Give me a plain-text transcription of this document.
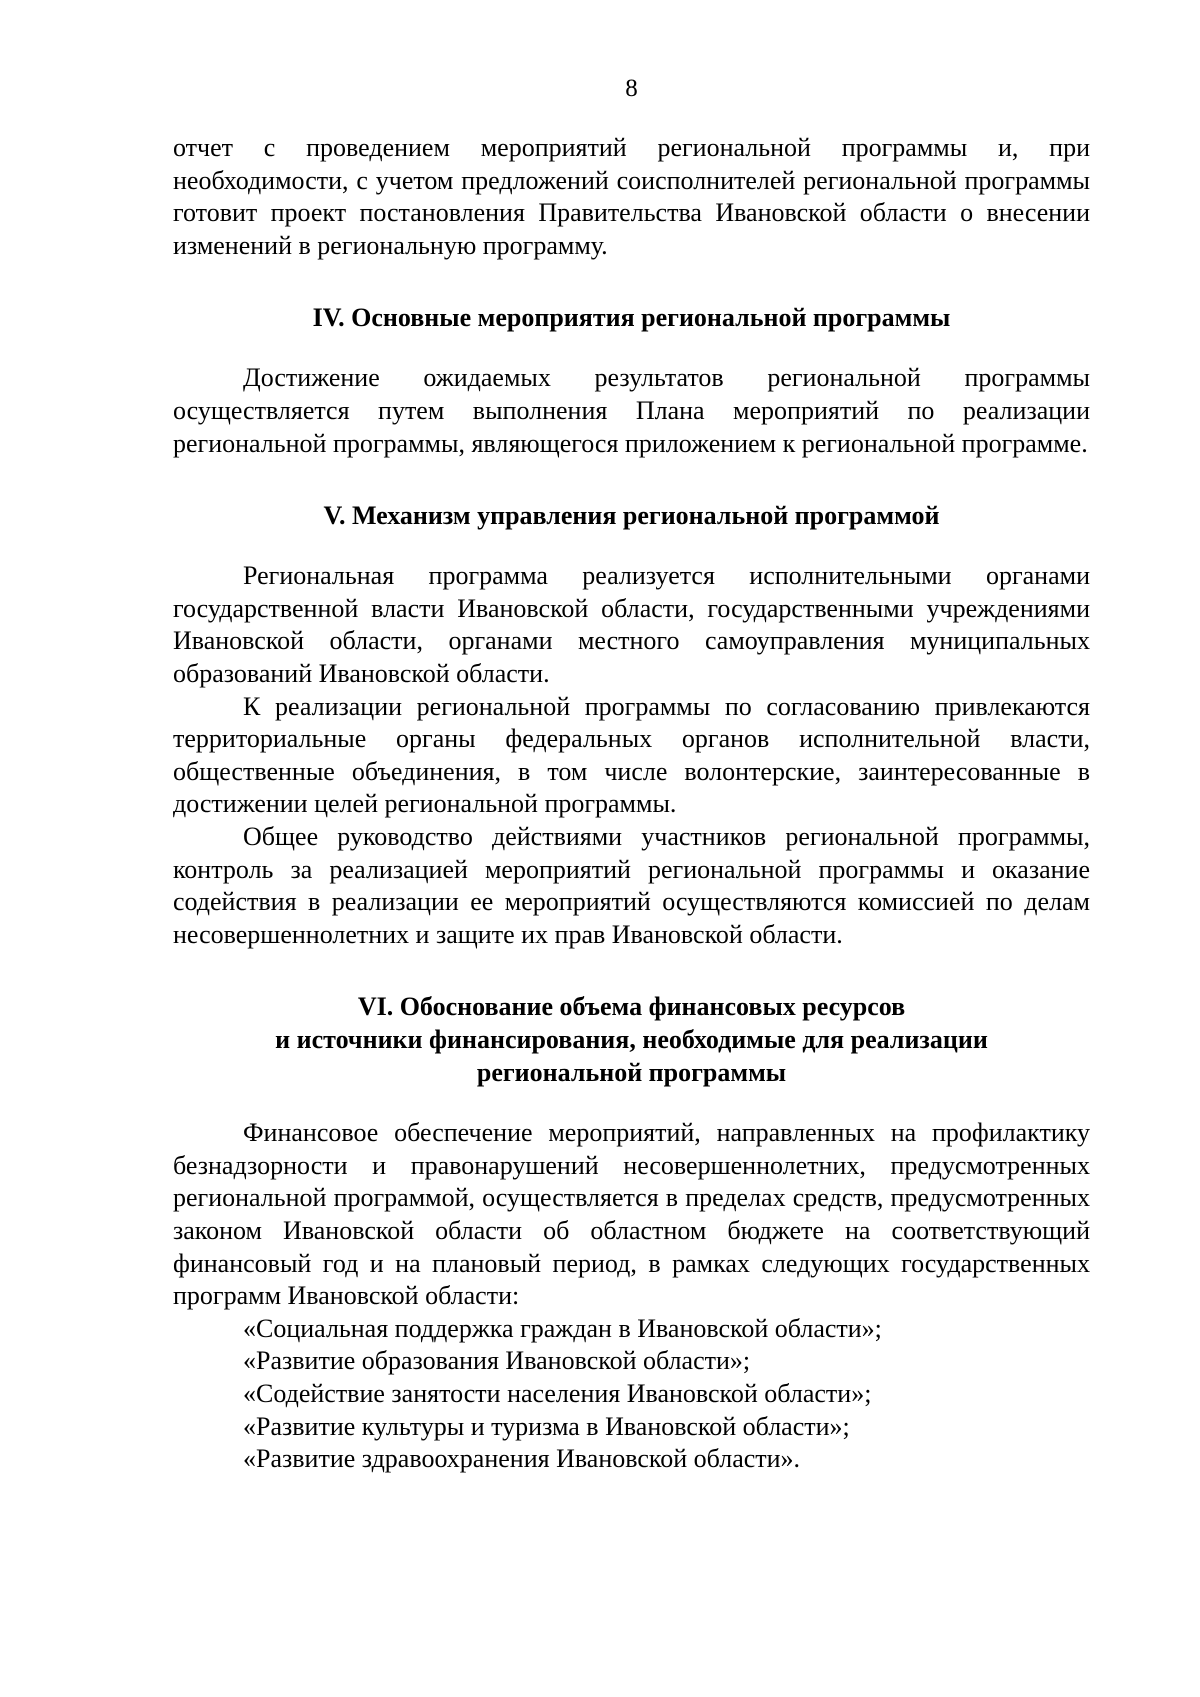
8

отчет с проведением мероприятий региональной программы и, при необходимости, с учетом предложений соисполнителей региональной программы готовит проект постановления Правительства Ивановской области о внесении изменений в региональную программу.

IV. Основные мероприятия региональной программы

Достижение ожидаемых результатов региональной программы осуществляется путем выполнения Плана мероприятий по реализации региональной программы, являющегося приложением к региональной программе.

V. Механизм управления региональной программой

Региональная программа реализуется исполнительными органами государственной власти Ивановской области, государственными учреждениями Ивановской области, органами местного самоуправления муниципальных образований Ивановской области.

К реализации региональной программы по согласованию привлекаются территориальные органы федеральных органов исполнительной власти, общественные объединения, в том числе волонтерские, заинтересованные в достижении целей региональной программы.

Общее руководство действиями участников региональной программы, контроль за реализацией мероприятий региональной программы и оказание содействия в реализации ее мероприятий осуществляются комиссией по делам несовершеннолетних и защите их прав Ивановской области.

VI. Обоснование объема финансовых ресурсов
и источники финансирования, необходимые для реализации
региональной программы

Финансовое обеспечение мероприятий, направленных на профилактику безнадзорности и правонарушений несовершеннолетних, предусмотренных региональной программой, осуществляется в пределах средств, предусмотренных законом Ивановской области об областном бюджете на соответствующий финансовый год и на плановый период, в рамках следующих государственных программ Ивановской области:

«Социальная поддержка граждан в Ивановской области»;

«Развитие образования Ивановской области»;

«Содействие занятости населения Ивановской области»;

«Развитие культуры и туризма в Ивановской области»;

«Развитие здравоохранения Ивановской области».
